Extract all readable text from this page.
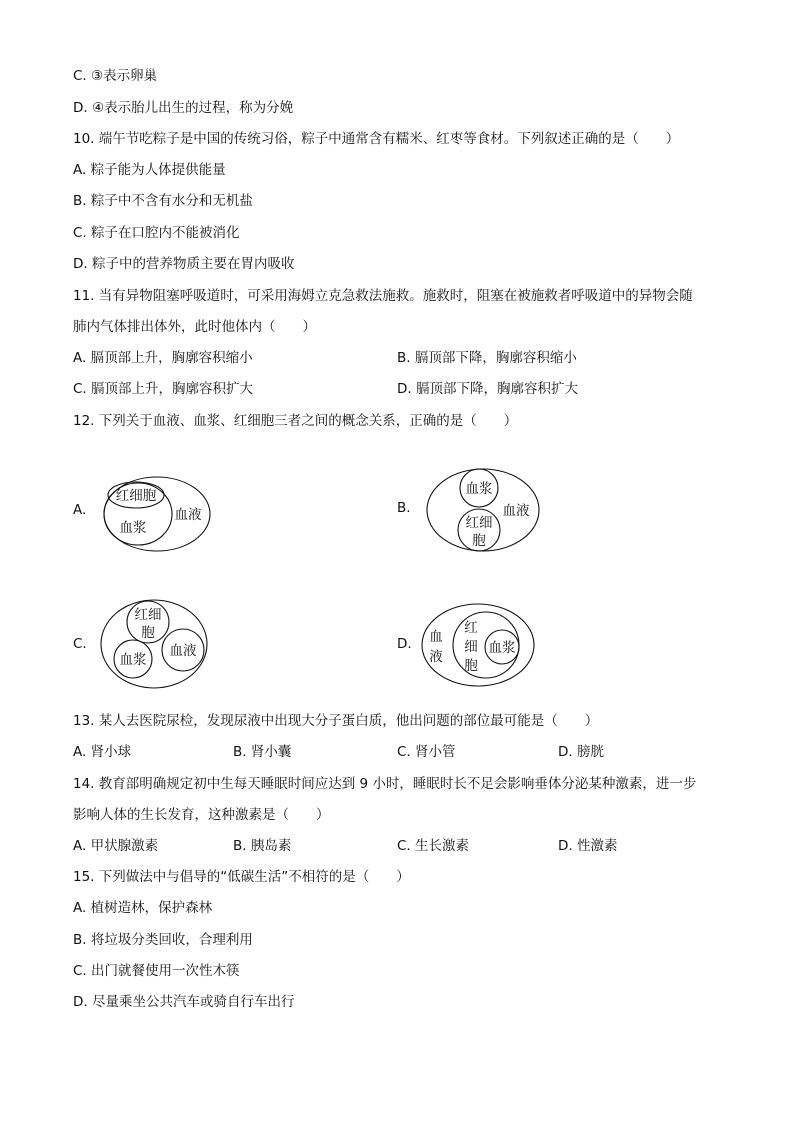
C. ③表示卵巢
D. ④表示胎儿出生的过程，称为分娩
10. 端午节吃粽子是中国的传统习俗，粽子中通常含有糯米、红枣等食材。下列叙述正确的是（　　）
A. 粽子能为人体提供能量
B. 粽子中不含有水分和无机盐
C. 粽子在口腔内不能被消化
D. 粽子中的营养物质主要在胃内吸收
11. 当有异物阻塞呼吸道时，可采用海姆立克急救法施救。施救时，阻塞在被施救者呼吸道中的异物会随
肺内气体排出体外，此时他体内（　　）
A. 膈顶部上升，胸廓容积缩小	B. 膈顶部下降，胸廓容积缩小
C. 膈顶部上升，胸廓容积扩大	D. 膈顶部下降，胸廓容积扩大
12. 下列关于血液、血浆、红细胞三者之间的概念关系，正确的是（　　）
A.
红细胞
血浆
血液	B.
血浆
红细
胞
血液
C.
红细
胞
血浆
血液	D. 血
液
红
细
胞
血浆
13. 某人去医院尿检，发现尿液中出现大分子蛋白质，他出问题的部位最可能是（　　）
A. 肾小球	B. 肾小囊	C. 肾小管	D. 膀胱
14. 教育部明确规定初中生每天睡眠时间应达到 9 小时，睡眠时长不足会影响垂体分泌某种激素，进一步
影响人体的生长发育，这种激素是（　　）
A. 甲状腺激素	B. 胰岛素	C. 生长激素	D. 性激素
15. 下列做法中与倡导的“低碳生活”不相符的是（　　）
A. 植树造林，保护森林
B. 将垃圾分类回收，合理利用
C. 出门就餐使用一次性木筷
D. 尽量乘坐公共汽车或骑自行车出行
